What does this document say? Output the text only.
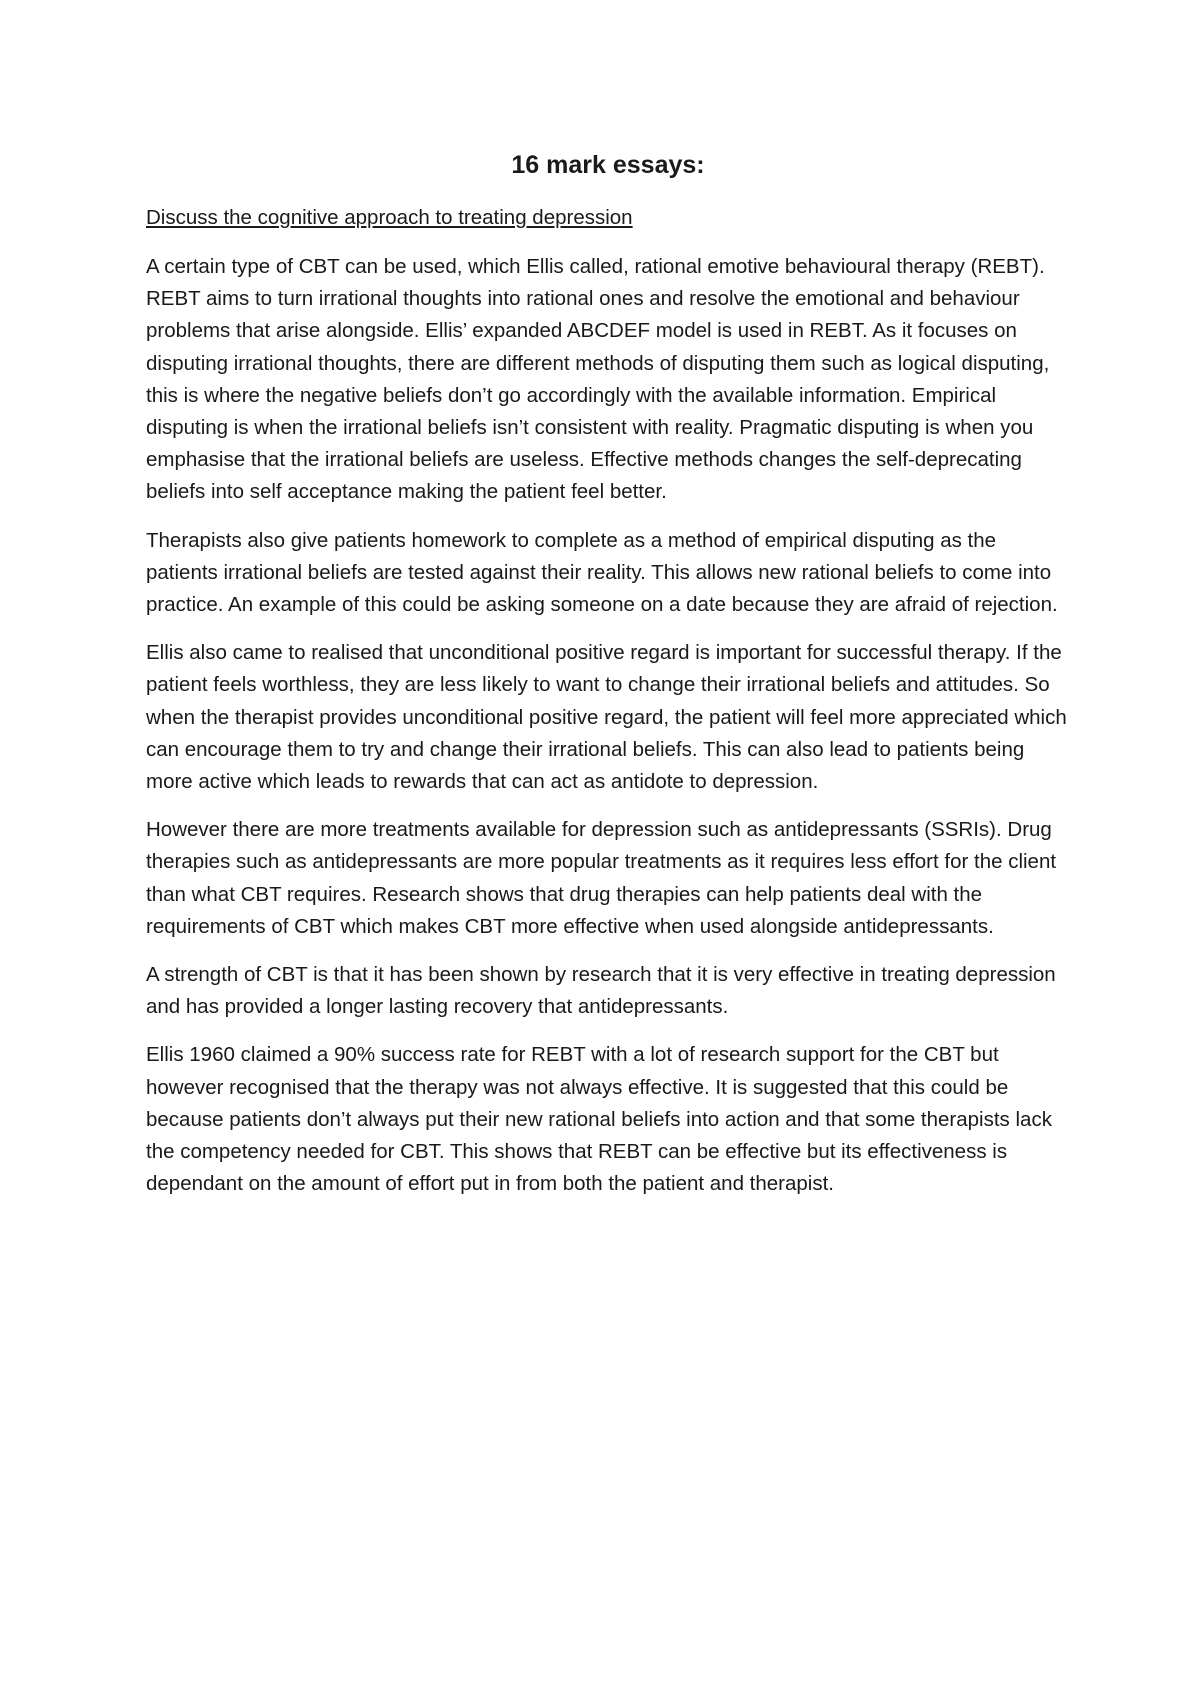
16 mark essays:
Discuss the cognitive approach to treating depression

A certain type of CBT can be used, which Ellis called, rational emotive behavioural therapy (REBT). REBT aims to turn irrational thoughts into rational ones and resolve the emotional and behaviour problems that arise alongside. Ellis’ expanded ABCDEF model is used in REBT. As it focuses on disputing irrational thoughts, there are different methods of disputing them such as logical disputing, this is where the negative beliefs don’t go accordingly with the available information. Empirical disputing is when the irrational beliefs isn’t consistent with reality. Pragmatic disputing is when you emphasise that the irrational beliefs are useless. Effective methods changes the self-deprecating beliefs into self acceptance making the patient feel better.

Therapists also give patients homework to complete as a method of empirical disputing as the patients irrational beliefs are tested against their reality. This allows new rational beliefs to come into practice. An example of this could be asking someone on a date because they are afraid of rejection.

Ellis also came to realised that unconditional positive regard is important for successful therapy. If the patient feels worthless, they are less likely to want to change their irrational beliefs and attitudes. So when the therapist provides unconditional positive regard, the patient will feel more appreciated which can encourage them to try and change their irrational beliefs. This can also lead to patients being more active which leads to rewards that can act as antidote to depression.

However there are more treatments available for depression such as antidepressants (SSRIs). Drug therapies such as antidepressants are more popular treatments as it requires less effort for the client than what CBT requires. Research shows that drug therapies can help patients deal with the requirements of CBT which makes CBT more effective when used alongside antidepressants.

A strength of CBT is that it has been shown by research that it is very effective in treating depression and has provided a longer lasting recovery that antidepressants.

Ellis 1960 claimed a 90% success rate for REBT with a lot of research support for the CBT but however recognised that the therapy was not always effective. It is suggested that this could be because patients don’t always put their new rational beliefs into action and that some therapists lack the competency needed for CBT. This shows that REBT can be effective but its effectiveness is dependant on the amount of effort put in from both the patient and therapist.
